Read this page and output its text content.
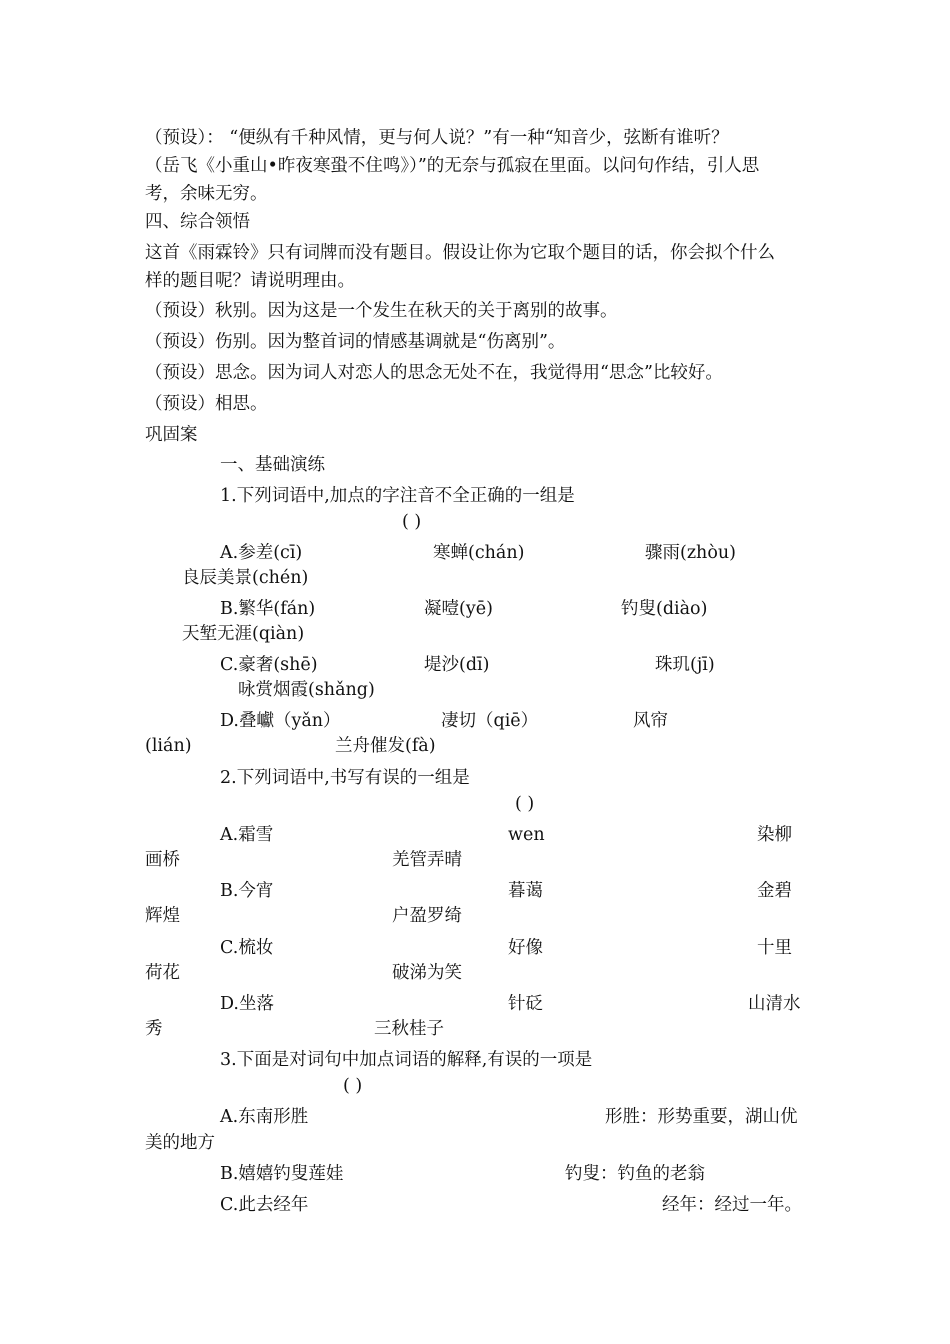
（预设）： “便纵有千种风情，更与何人说？”有一种“知音少，弦断有谁听？
（岳飞《小重山•昨夜寒蛩不住鸣》）”的无奈与孤寂在里面。以问句作结，引人思
考，余味无穷。
四、综合领悟
这首《雨霖铃》只有词牌而没有题目。假设让你为它取个题目的话，你会拟个什么
样的题目呢？请说明理由。
（预设）秋别。因为这是一个发生在秋天的关于离别的故事。
（预设）伤别。因为整首词的情感基调就是“伤离别”。
（预设）思念。因为词人对恋人的思念无处不在，我觉得用“思念”比较好。
（预设）相思。
巩固案
一、基础演练
1.下列词语中,加点的字注音不全正确的一组是
( )
A.参差(cī)	寒蝉(chán)	骤雨(zhòu)
良辰美景(chén)
B.繁华(fán)	凝噎(yē)	钓叟(diào)
天堑无涯(qiàn)
C.豪奢(shē)	堤沙(dī)	珠玑(jī)
咏赏烟霞(shǎng)
D.叠巘（yǎn）	凄切（qiē）	风帘
(lián)	兰舟催发(fà)
2.下列词语中,书写有误的一组是
( )
A.霜雪	wen	染柳
画桥	羌管弄晴
B.今宵	暮蔼	金碧
辉煌	户盈罗绮
C.梳妆	好像	十里
荷花	破涕为笑
D.坐落	针砭	山清水
秀	三秋桂子
3.下面是对词句中加点词语的解释,有误的一项是
( )
A.东南形胜	形胜：形势重要，湖山优
美的地方
B.嬉嬉钓叟莲娃	钓叟：钓鱼的老翁
C.此去经年	经年：经过一年。
